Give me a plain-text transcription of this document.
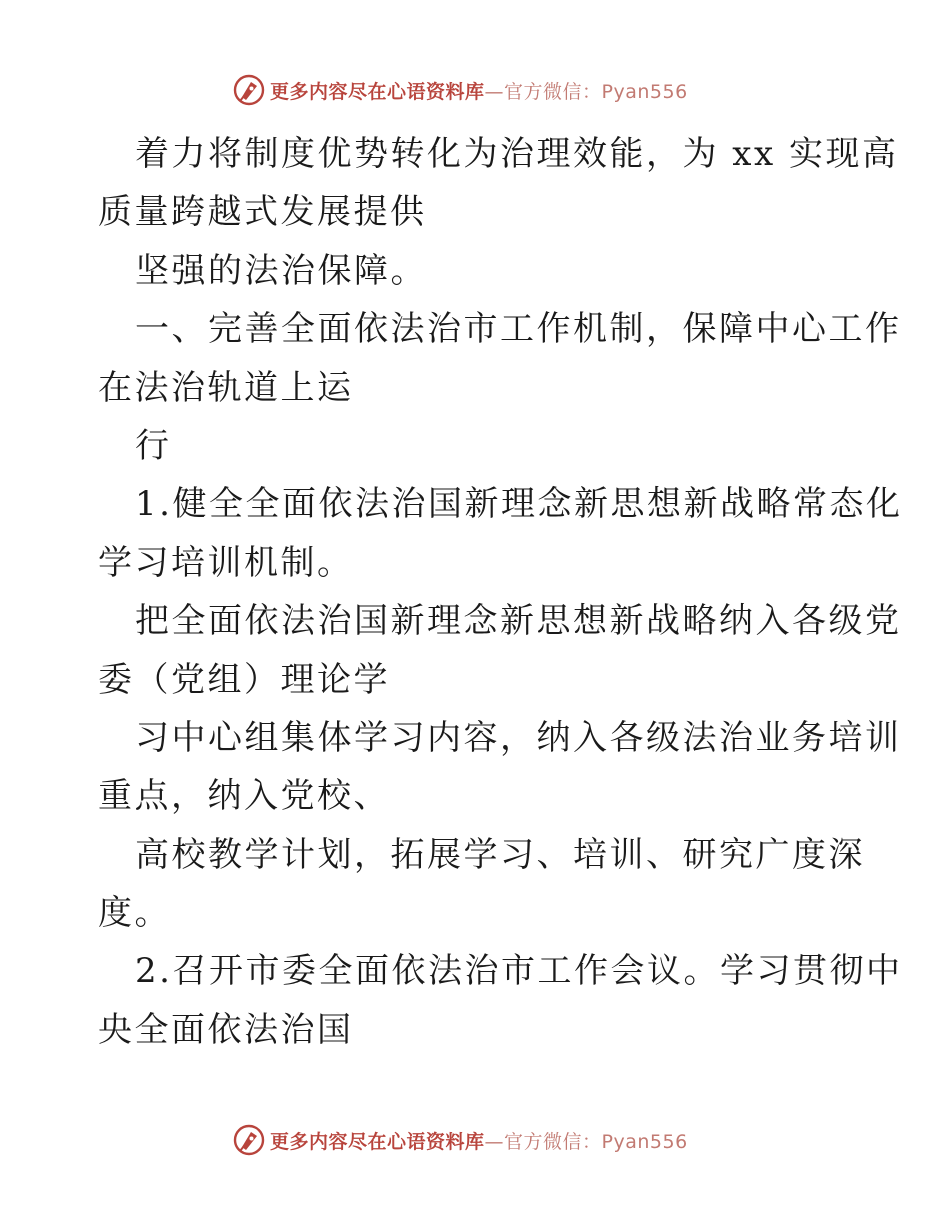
更多内容尽在心语资料库—官方微信：Pyan556
着力将制度优势转化为治理效能，为 xx 实现高
质量跨越式发展提供
坚强的法治保障。
一、完善全面依法治市工作机制，保障中心工作
在法治轨道上运
行
1.健全全面依法治国新理念新思想新战略常态化
学习培训机制。
把全面依法治国新理念新思想新战略纳入各级党
委（党组）理论学
习中心组集体学习内容，纳入各级法治业务培训
重点，纳入党校、
高校教学计划，拓展学习、培训、研究广度深
度。
2.召开市委全面依法治市工作会议。学习贯彻中
央全面依法治国
更多内容尽在心语资料库—官方微信：Pyan556
